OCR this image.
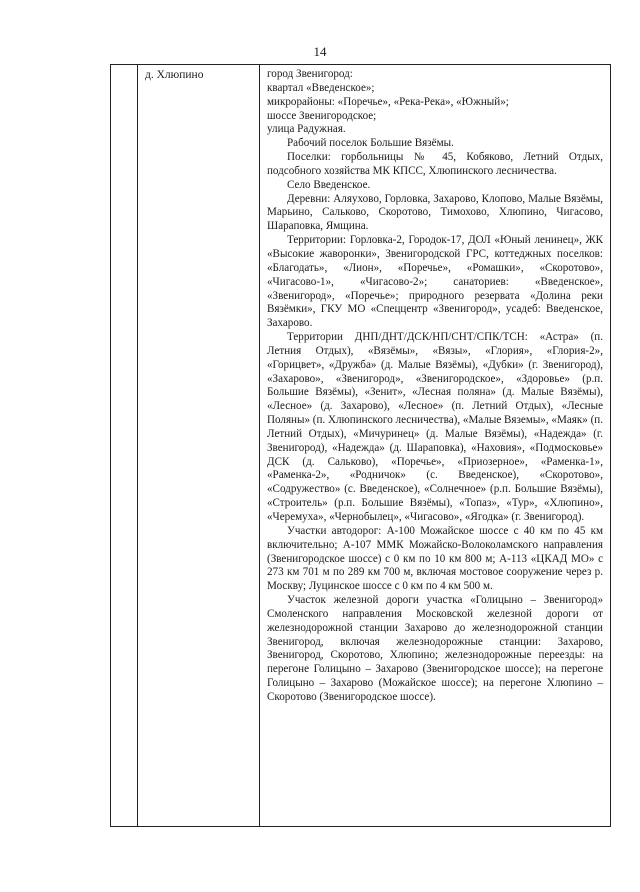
14
д. Хлюпино	город Звенигород:

квартал «Введенское»;

микрорайоны: «Поречье», «Река-Река», «Южный»;

шоссе Звенигородское;

улица Радужная.

Рабочий поселок Большие Вязёмы.

Поселки: горбольницы № 45, Кобяково, Летний Отдых, подсобного хозяйства МК КПСС, Хлюпинского лесничества.

Село Введенское.

Деревни: Аляухово, Горловка, Захарово, Клопово, Малые Вязёмы, Марьино, Сальково, Скоротово, Тимохово, Хлюпино, Чигасово, Шараповка, Ямщина.

Территории: Горловка-2, Городок-17, ДОЛ «Юный ленинец», ЖК «Высокие жаворонки», Звенигородской ГРС, коттеджных поселков: «Благодать», «Лион», «Поречье», «Ромашки», «Скоротово», «Чигасово-1», «Чигасово-2»; санаториев: «Введенское», «Звенигород», «Поречье»; природного резервата «Долина реки Вязёмки», ГКУ МО «Спеццентр «Звенигород», усадеб: Введенское, Захарово.

Территории ДНП/ДНТ/ДСК/НП/СНТ/СПК/ТСН: «Астра» (п. Летния Отдых), «Вязёмы», «Вязы», «Глория», «Глория-2», «Горицвет», «Дружба» (д. Малые Вязёмы), «Дубки» (г. Звенигород), «Захарово», «Звенигород», «Звенигородское», «Здоровье» (р.п. Большие Вязёмы), «Зенит», «Лесная поляна» (д. Малые Вязёмы), «Лесное» (д. Захарово), «Лесное» (п. Летний Отдых), «Лесные Поляны» (п. Хлюпинского лесничества), «Малые Вяземы», «Маяк» (п. Летний Отдых), «Мичуринец» (д. Малые Вязёмы), «Надежда» (г. Звенигород), «Надежда» (д. Шараповка), «Наховия», «Подмосковье» ДСК (д. Сальково), «Поречье», «Приозерное», «Раменка-1», «Раменка-2», «Родничок» (с. Введенское), «Скоротово», «Содружество» (с. Введенское), «Солнечное» (р.п. Большие Вязёмы), «Строитель» (р.п. Большие Вязёмы), «Топаз», «Тур», «Хлюпино», «Черемуха», «Чернобылец», «Чигасово», «Ягодка» (г. Звенигород).

Участки автодорог: А-100 Можайское шоссе с 40 км по 45 км включительно; А-107 ММК Можайско-Волоколамского направления (Звенигородское шоссе) с 0 км по 10 км 800 м; А-113 «ЦКАД МО» с 273 км 701 м по 289 км 700 м, включая мостовое сооружение через р. Москву; Луцинское шоссе с 0 км по 4 км 500 м.

Участок железной дороги участка «Голицыно – Звенигород» Смоленского направления Московской железной дороги от железнодорожной станции Захарово до железнодорожной станции Звенигород, включая железнодорожные станции: Захарово, Звенигород, Скоротово, Хлюпино; железнодорожные переезды: на перегоне Голицыно – Захарово (Звенигородское шоссе); на перегоне Голицыно – Захарово (Можайское шоссе); на перегоне Хлюпино – Скоротово (Звенигородское шоссе).
